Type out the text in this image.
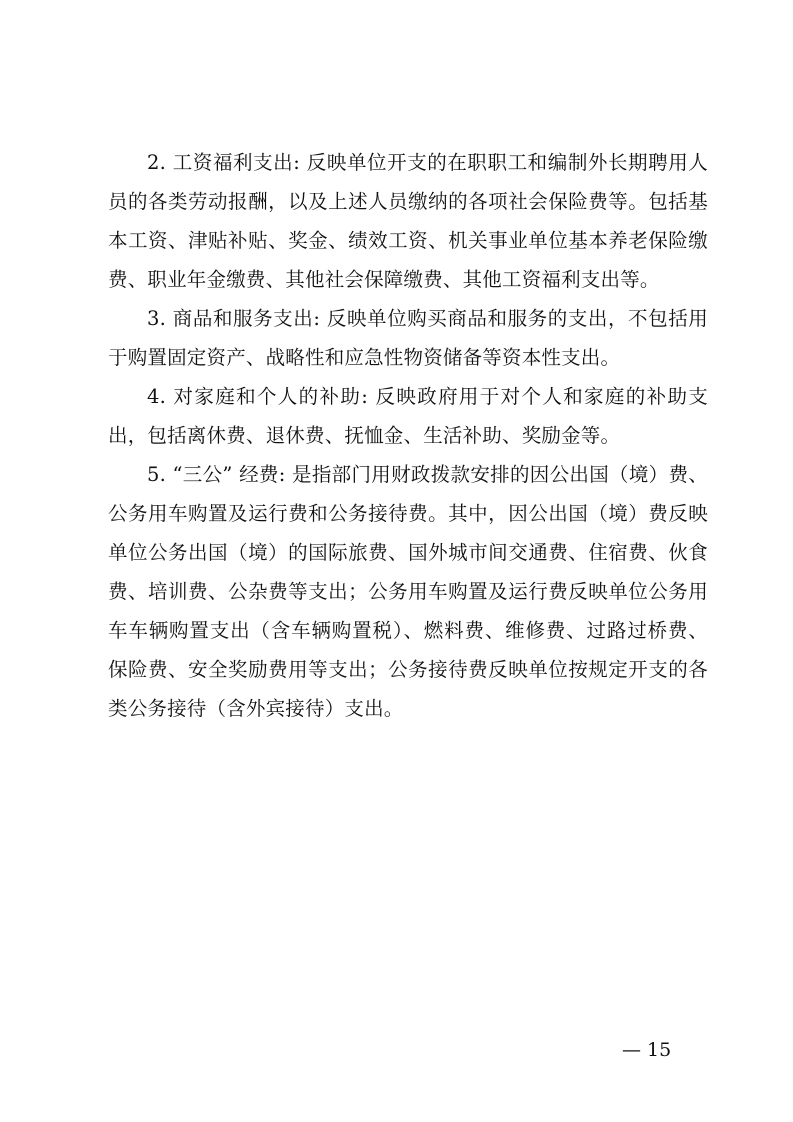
2. 工资福利支出: 反映单位开支的在职职工和编制外长期聘用人员的各类劳动报酬，以及上述人员缴纳的各项社会保险费等。包括基本工资、津贴补贴、奖金、绩效工资、机关事业单位基本养老保险缴费、职业年金缴费、其他社会保障缴费、其他工资福利支出等。

3. 商品和服务支出: 反映单位购买商品和服务的支出，不包括用于购置固定资产、战略性和应急性物资储备等资本性支出。

4. 对家庭和个人的补助: 反映政府用于对个人和家庭的补助支出，包括离休费、退休费、抚恤金、生活补助、奖励金等。

5. “三公” 经费: 是指部门用财政拨款安排的因公出国（境）费、公务用车购置及运行费和公务接待费。其中，因公出国（境）费反映单位公务出国（境）的国际旅费、国外城市间交通费、住宿费、伙食费、培训费、公杂费等支出；公务用车购置及运行费反映单位公务用车车辆购置支出（含车辆购置税）、燃料费、维修费、过路过桥费、保险费、安全奖励费用等支出；公务接待费反映单位按规定开支的各类公务接待（含外宾接待）支出。

— 15
